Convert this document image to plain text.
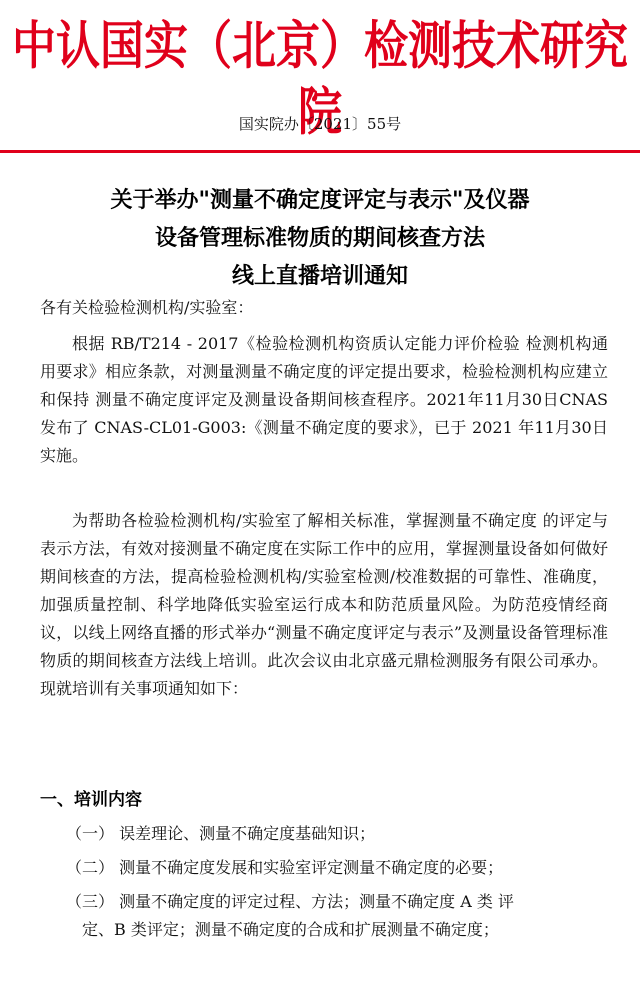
中认国实（北京）检测技术研究院
国实院办〔2021〕55号
关于举办"测量不确定度评定与表示"及仪器
设备管理标准物质的期间核查方法
线上直播培训通知
各有关检验检测机构/实验室：

根据 RB/T214 - 2017《检验检测机构资质认定能力评价检验 检测机构通用要求》相应条款，对测量测量不确定度的评定提出要求，检验检测机构应建立和保持 测量不确定度评定及测量设备期间核查程序。2021年11月30日CNAS 发布了 CNAS-CL01-G003:《测量不确定度的要求》，已于 2021 年11月30日实施。

为帮助各检验检测机构/实验室了解相关标准，掌握测量不确定度 的评定与表示方法，有效对接测量不确定度在实际工作中的应用，掌握测量设备如何做好期间核查的方法，提高检验检测机构/实验室检测/校准数据的可靠性、准确度，加强质量控制、科学地降低实验室运行成本和防范质量风险。为防范疫情经商议，以线上网络直播的形式举办“测量不确定度评定与表示”及测量设备管理标准物质的期间核查方法线上培训。此次会议由北京盛元鼎检测服务有限公司承办。现就培训有关事项通知如下：

一、培训内容
（一） 误差理论、测量不确定度基础知识；
（二） 测量不确定度发展和实验室评定测量不确定度的必要；
（三） 测量不确定度的评定过程、方法；测量不确定度 A 类 评
定、B 类评定；测量不确定度的合成和扩展测量不确定度；
